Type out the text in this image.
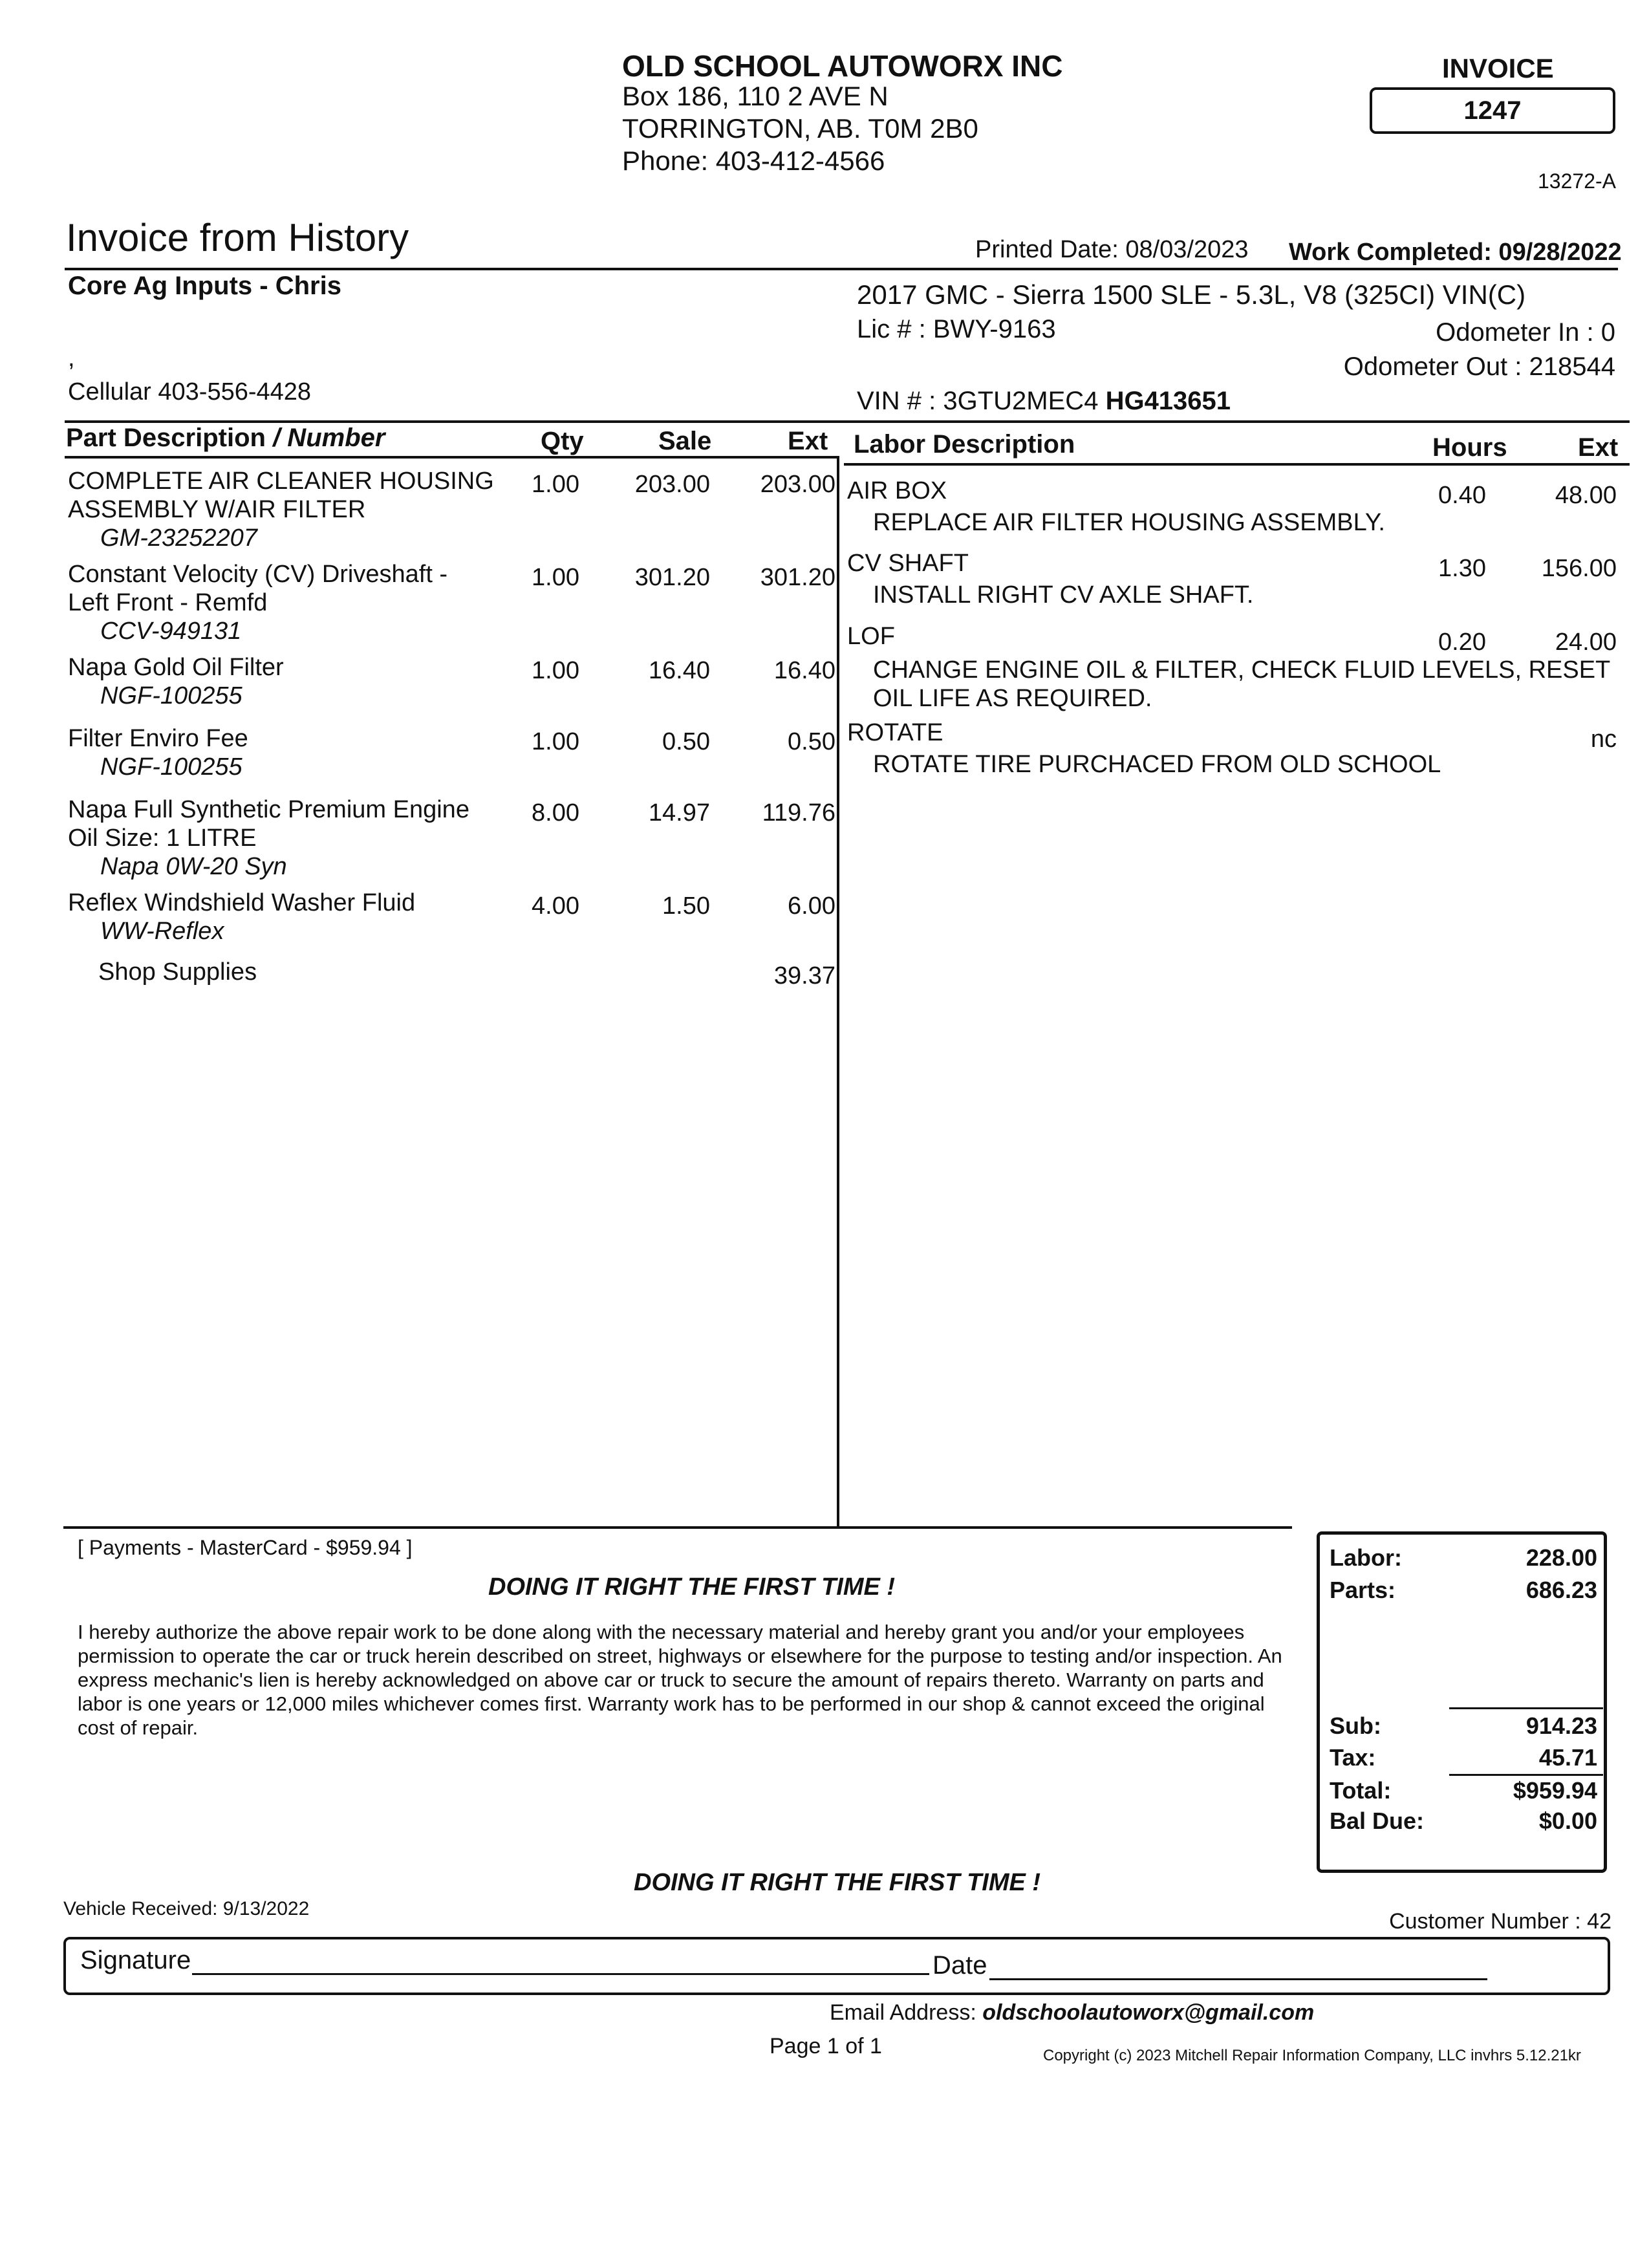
OLD SCHOOL AUTOWORX INC
Box 186, 110 2 AVE N
TORRINGTON, AB. T0M 2B0
Phone: 403-412-4566
INVOICE
1247
13272-A
Invoice from History	Printed Date: 08/03/2023 Work Completed: 09/28/2022
Core Ag Inputs - Chris
,
Cellular 403-556-4428
2017 GMC - Sierra 1500 SLE - 5.3L, V8 (325CI) VIN(C)
Lic # : BWY-9163	Odometer In : 0
Odometer Out : 218544
VIN # : 3GTU2MEC4 HG413651
Part Description / Number	Qty	Sale	Ext Labor Description	Hours	Ext
COMPLETE AIR CLEANER HOUSING ASSEMBLY W/AIR FILTER
GM-23252207
1.00 203.00 203.00
Constant Velocity (CV) Driveshaft - Left Front - Remfd
CCV-949131
1.00 301.20 301.20
Napa Gold Oil Filter
NGF-100255
1.00	16.40	16.40
Filter Enviro Fee
NGF-100255
1.00	0.50	0.50
Napa Full Synthetic Premium Engine Oil Size: 1 LITRE
Napa 0W-20 Syn
8.00	14.97 119.76
Reflex Windshield Washer Fluid
WW-Reflex
4.00	1.50	6.00
Shop Supplies	39.37
AIR BOX
REPLACE AIR FILTER HOUSING ASSEMBLY.
0.40	48.00
CV SHAFT
INSTALL RIGHT CV AXLE SHAFT.
1.30 156.00
LOF
CHANGE ENGINE OIL & FILTER, CHECK FLUID LEVELS, RESET OIL LIFE AS REQUIRED.
0.20	24.00
ROTATE
ROTATE TIRE PURCHACED FROM OLD SCHOOL
nc
[ Payments - MasterCard - $959.94 ]
DOING IT RIGHT THE FIRST TIME !
I hereby authorize the above repair work to be done along with the necessary material and hereby grant you and/or your employees permission to operate the car or truck herein described on street, highways or elsewhere for the purpose to testing and/or inspection. An express mechanic's lien is hereby acknowledged on above car or truck to secure the amount of repairs thereto. Warranty on parts and labor is one years or 12,000 miles whichever comes first. Warranty work has to be performed in our shop & cannot exceed the original cost of repair.
Labor:	228.00
Parts:	686.23
Sub:	914.23
Tax:	45.71
Total:	$959.94
Bal Due:	$0.00
DOING IT RIGHT THE FIRST TIME !
Vehicle Received: 9/13/2022
Customer Number : 42
Signature	Date
Email Address: oldschoolautoworx@gmail.com
Page 1 of 1	Copyright (c) 2023 Mitchell Repair Information Company, LLC invhrs 5.12.21kr
